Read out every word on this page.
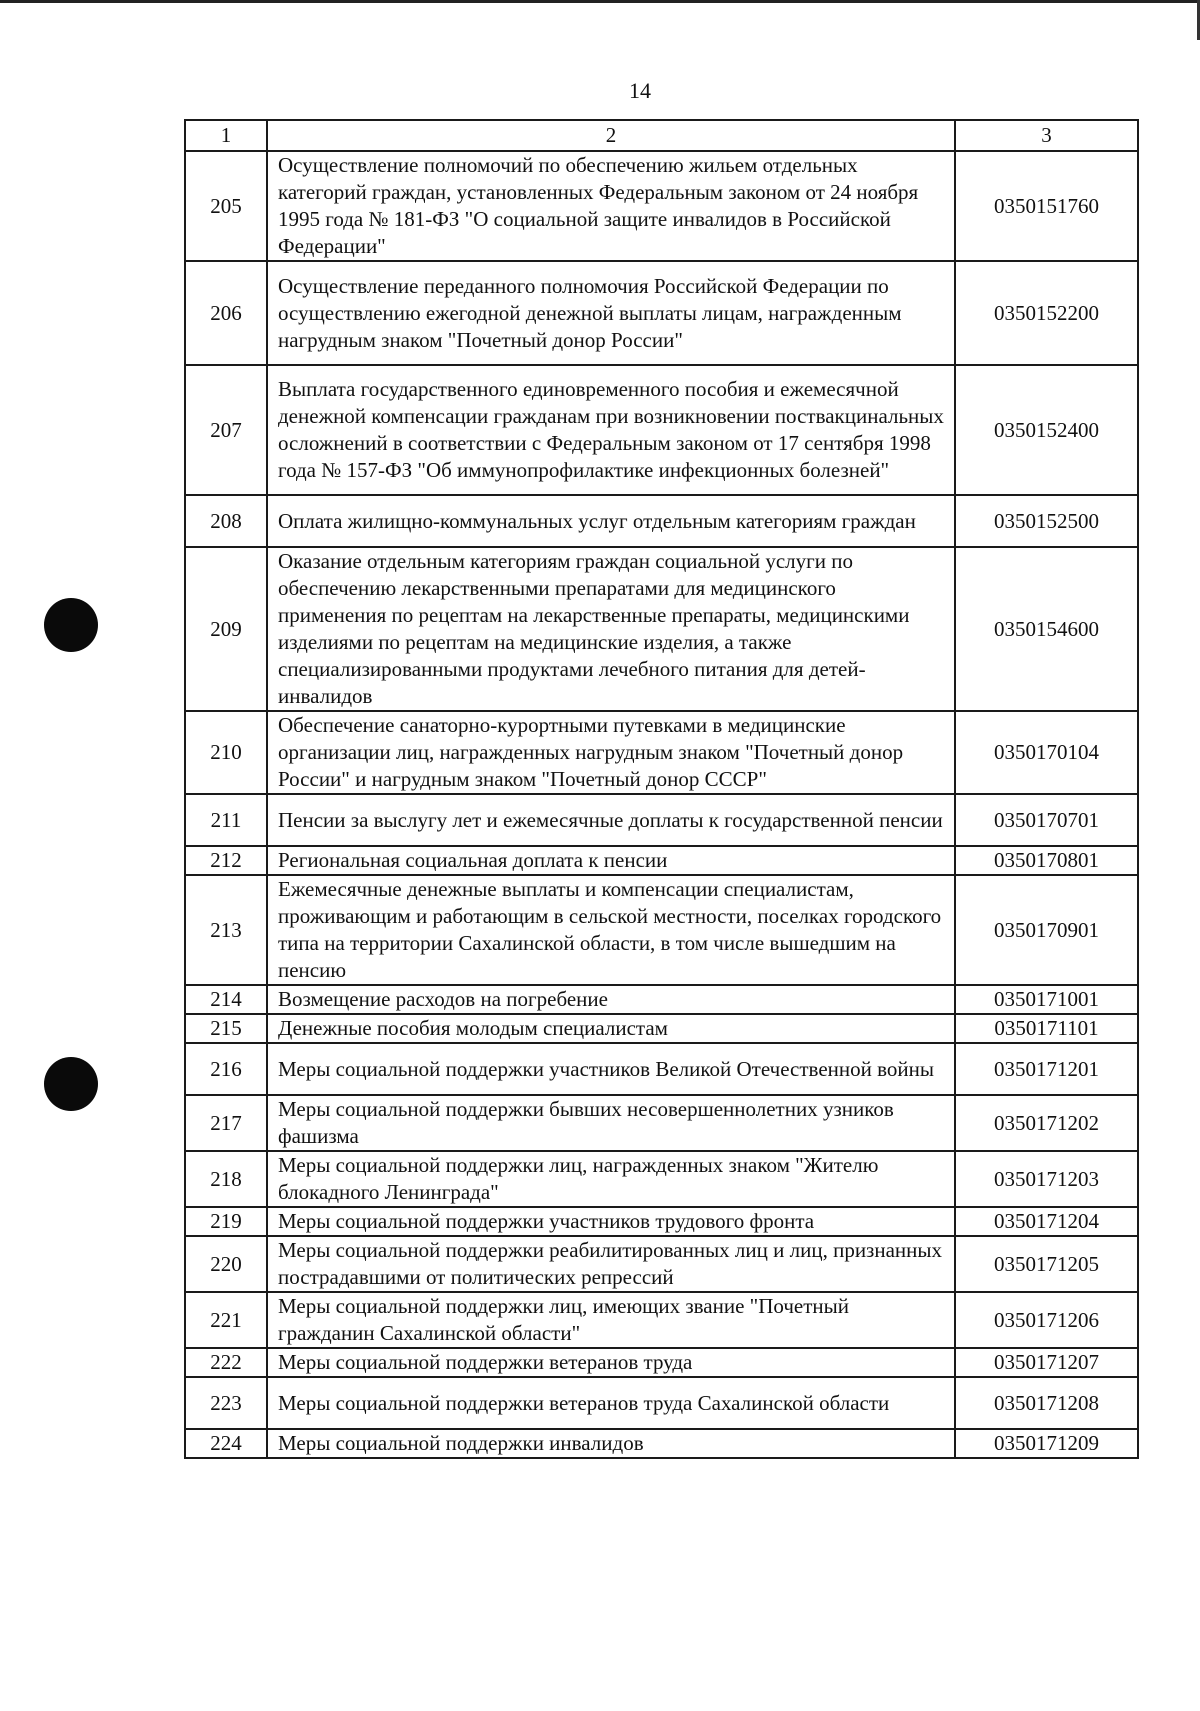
14
1	2	3
205	Осуществление полномочий по обеспечению жильем отдельных категорий граждан, установленных Федеральным законом от 24 ноября 1995 года № 181-ФЗ "О социальной защите инвалидов в Российской Федерации"	0350151760
206	Осуществление переданного полномочия Российской Федерации по осуществлению ежегодной денежной выплаты лицам, награжденным нагрудным знаком "Почетный донор России"	0350152200
207	Выплата государственного единовременного пособия и ежемесячной денежной компенсации гражданам при возникновении поствакцинальных осложнений в соответствии с Федеральным законом от 17 сентября 1998 года № 157-ФЗ "Об иммунопрофилактике инфекционных болезней"	0350152400
208	Оплата жилищно-коммунальных услуг отдельным категориям граждан	0350152500
209	Оказание отдельным категориям граждан социальной услуги по обеспечению лекарственными препаратами для медицинского применения по рецептам на лекарственные препараты, медицинскими изделиями по рецептам на медицинские изделия, а также специализированными продуктами лечебного питания для детей-инвалидов	0350154600
210	Обеспечение санаторно-курортными путевками в медицинские организации лиц, награжденных нагрудным знаком "Почетный донор России" и нагрудным знаком "Почетный донор СССР"	0350170104
211	Пенсии за выслугу лет и ежемесячные доплаты к государственной пенсии	0350170701
212	Региональная социальная доплата к пенсии	0350170801
213	Ежемесячные денежные выплаты и компенсации специалистам, проживающим и работающим в сельской местности, поселках городского типа на территории Сахалинской области, в том числе вышедшим на пенсию	0350170901
214	Возмещение расходов на погребение	0350171001
215	Денежные пособия молодым специалистам	0350171101
216	Меры социальной поддержки участников Великой Отечественной войны	0350171201
217	Меры социальной поддержки бывших несовершеннолетних узников фашизма	0350171202
218	Меры социальной поддержки лиц, награжденных знаком "Жителю блокадного Ленинграда"	0350171203
219	Меры социальной поддержки участников трудового фронта	0350171204
220	Меры социальной поддержки реабилитированных лиц и лиц, признанных пострадавшими от политических репрессий	0350171205
221	Меры социальной поддержки лиц, имеющих звание "Почетный гражданин Сахалинской области"	0350171206
222	Меры социальной поддержки ветеранов труда	0350171207
223	Меры социальной поддержки ветеранов труда Сахалинской области	0350171208
224	Меры социальной поддержки инвалидов	0350171209
